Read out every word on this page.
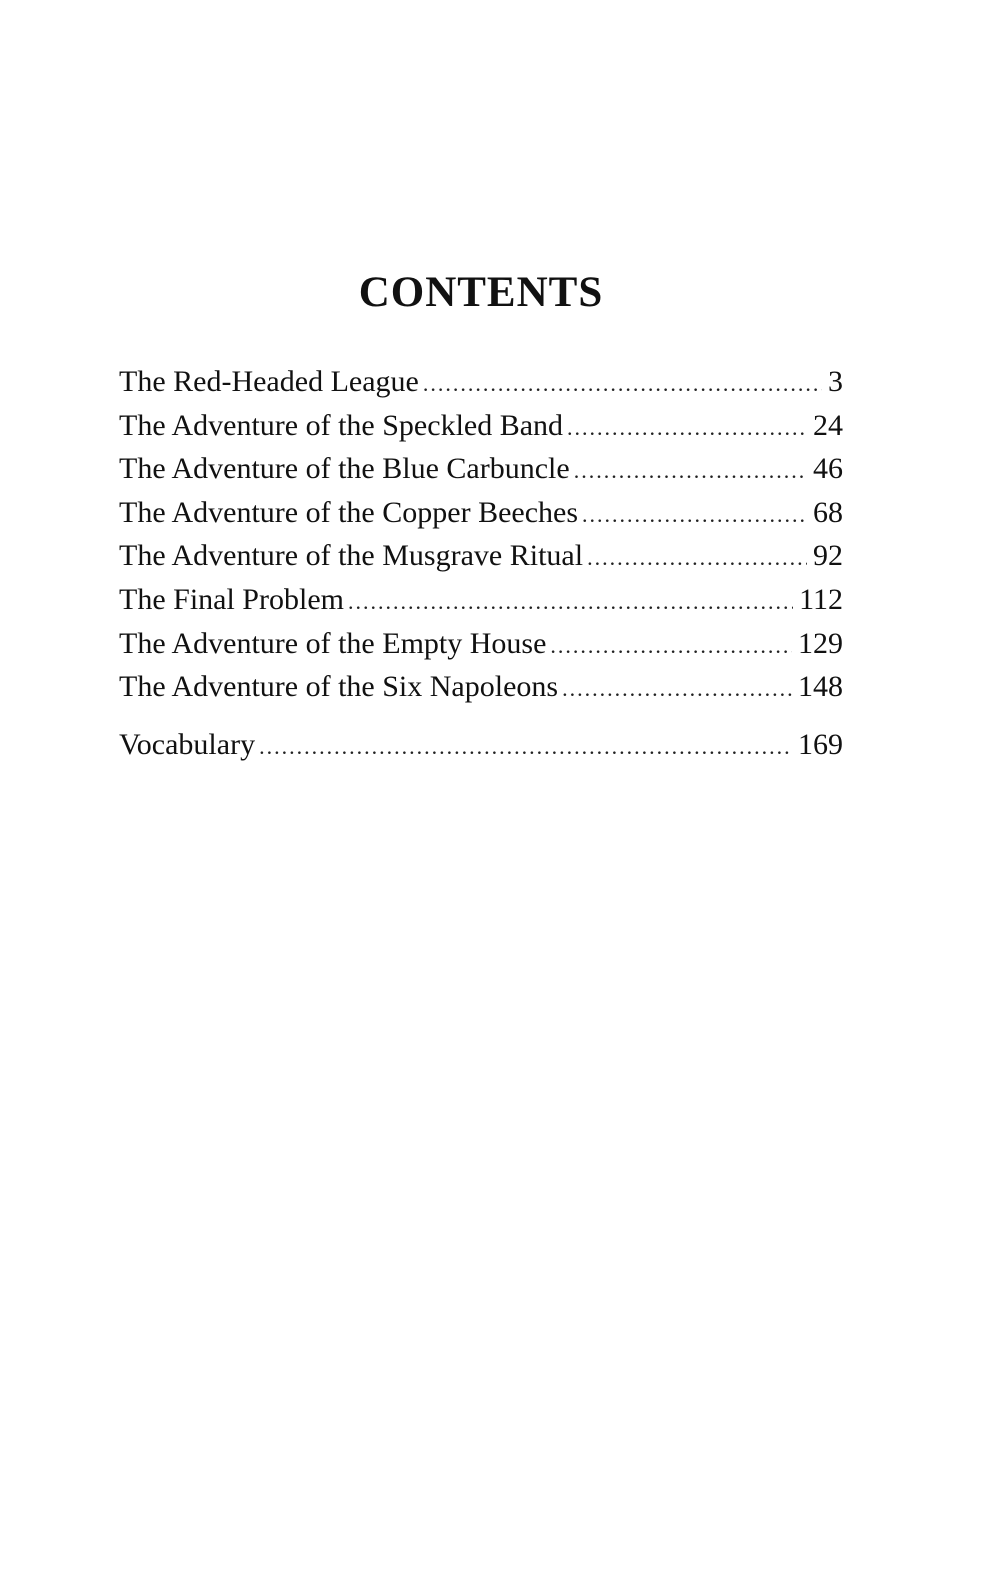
CONTENTS
The Red-Headed League .....	3
The Adventure of the Speckled Band .....	24
The Adventure of the Blue Carbuncle .....	46
The Adventure of the Copper Beeches .....	68
The Adventure of the Musgrave Ritual .....	92
The Final Problem .....	112
The Adventure of the Empty House .....	129
The Adventure of the Six Napoleons .....	148
Vocabulary .....	169
